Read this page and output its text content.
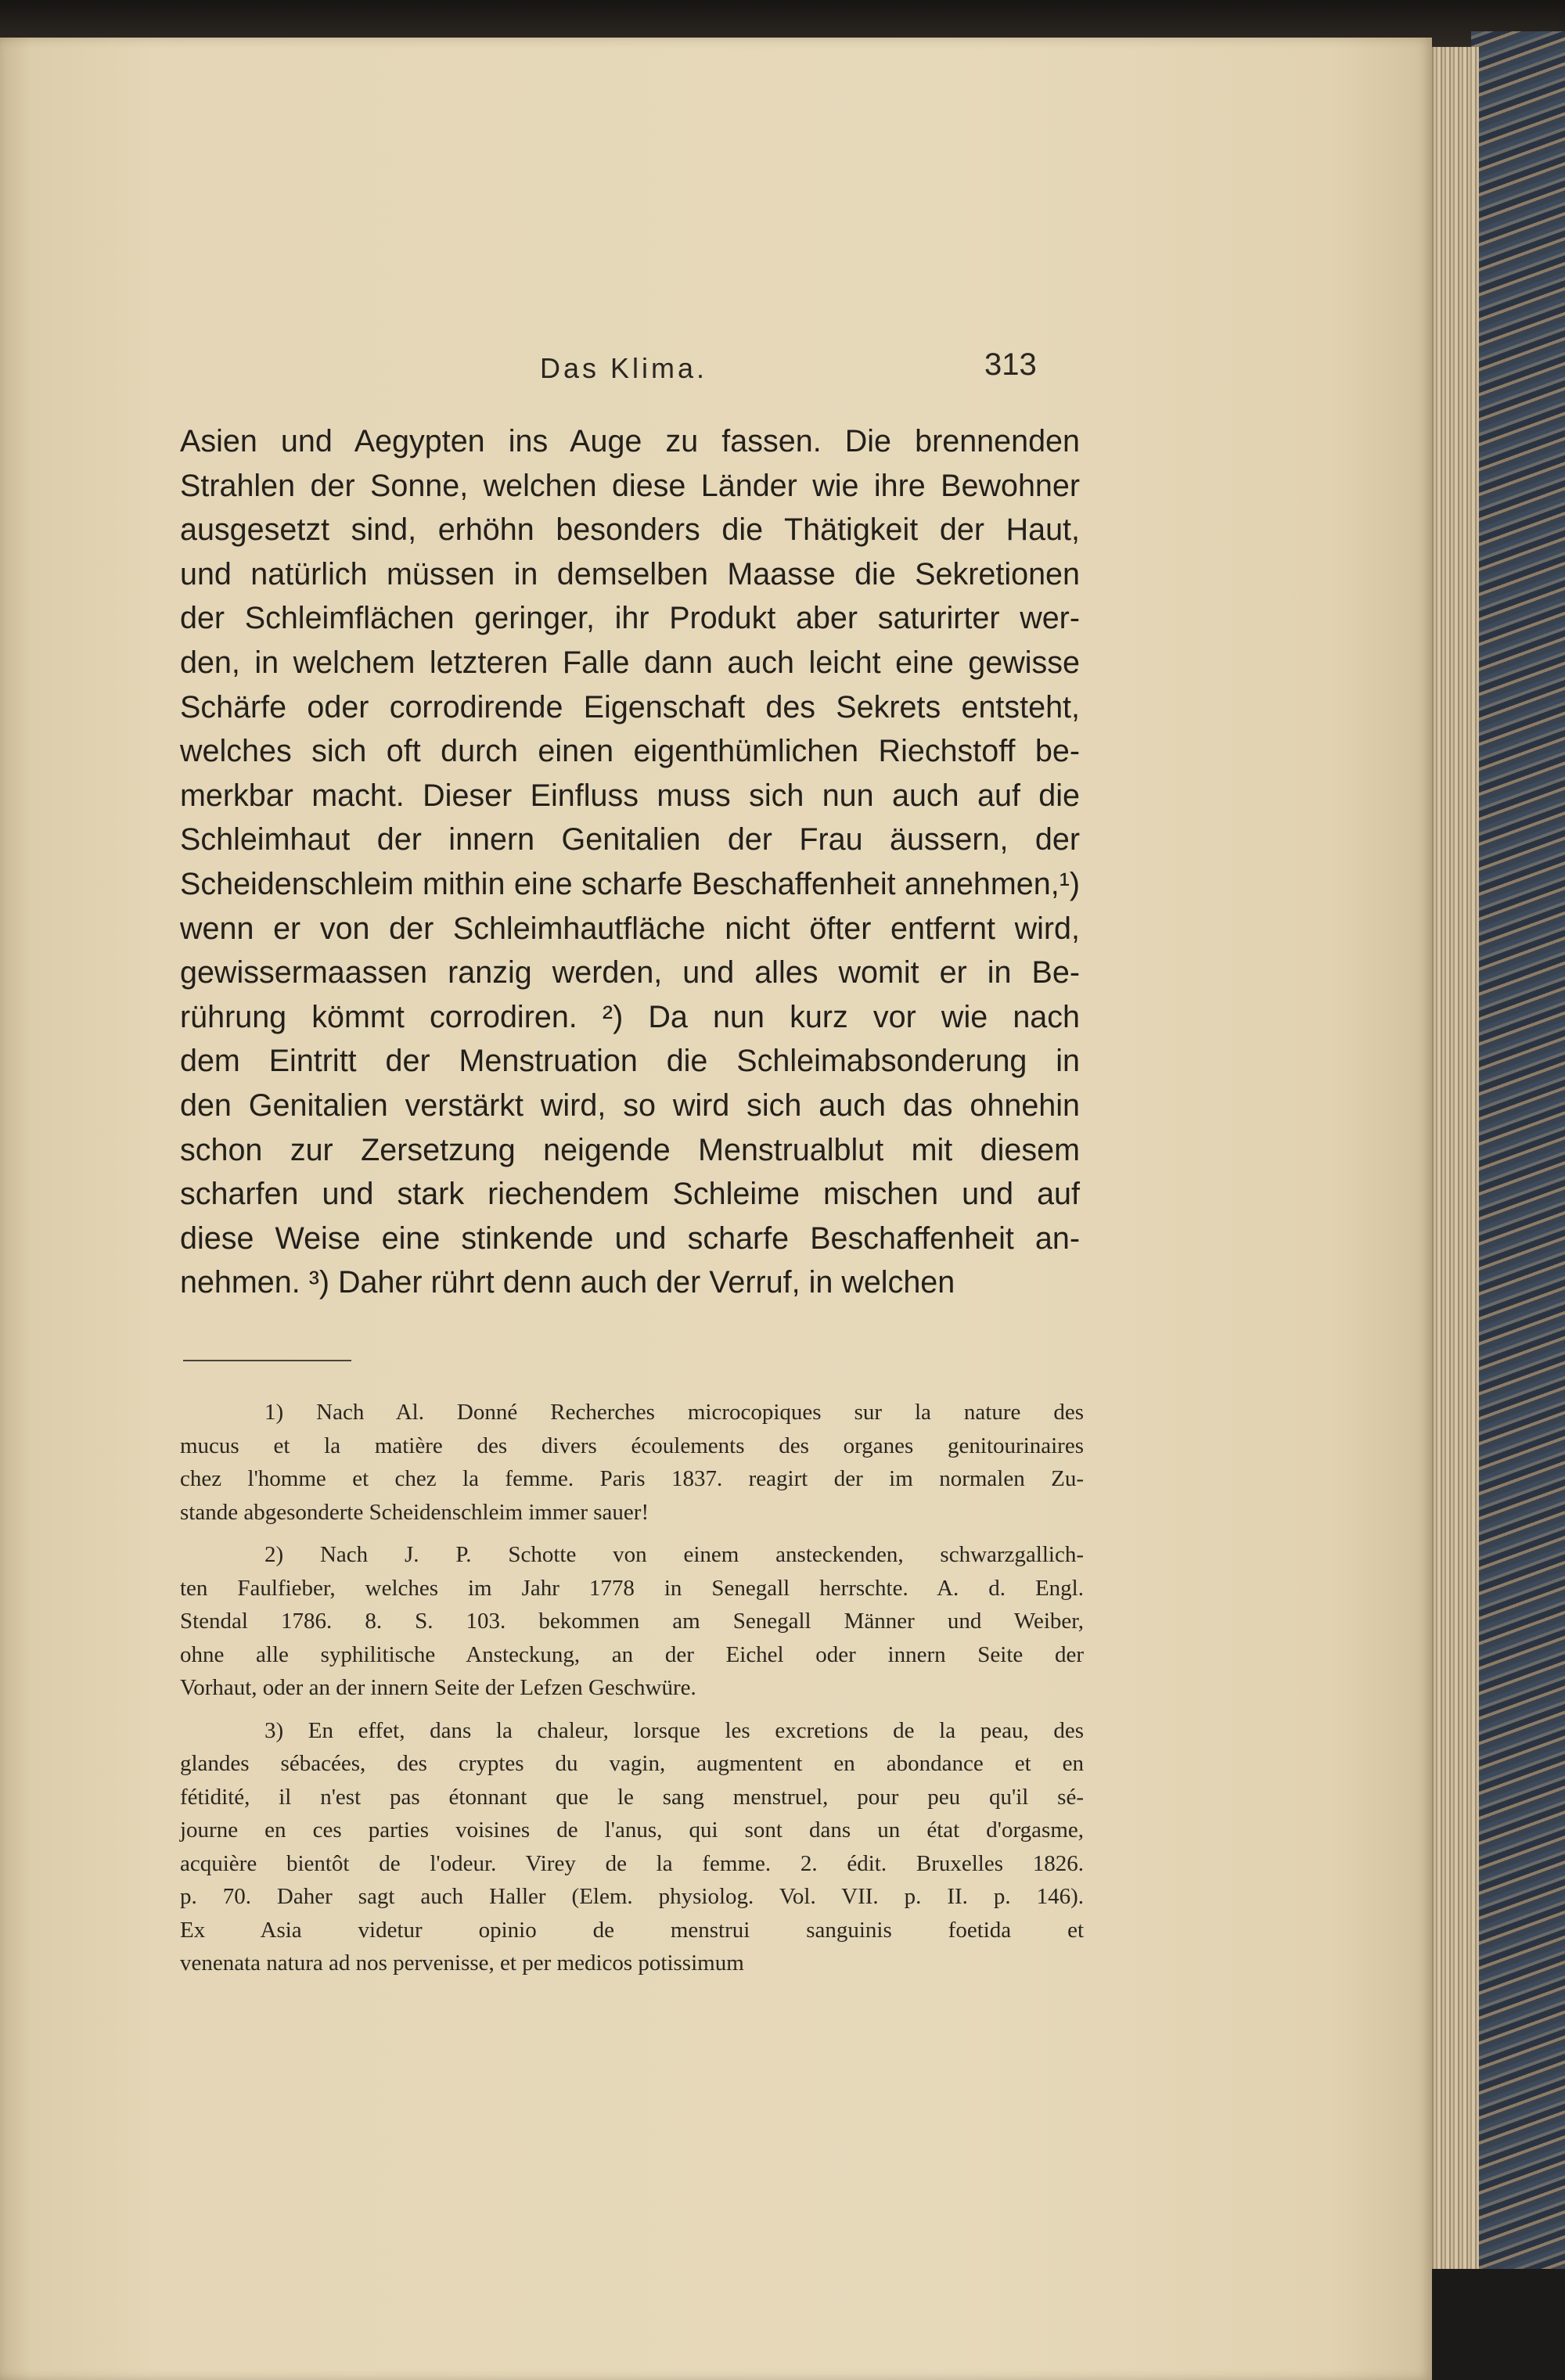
Das Klima.	313
Asien und Aegypten ins Auge zu fassen. Die brennenden
Strahlen der Sonne, welchen diese Länder wie ihre Bewohner
ausgesetzt sind, erhöhn besonders die Thätigkeit der Haut,
und natürlich müssen in demselben Maasse die Sekretionen
der Schleimflächen geringer, ihr Produkt aber saturirter wer-
den, in welchem letzteren Falle dann auch leicht eine gewisse
Schärfe oder corrodirende Eigenschaft des Sekrets entsteht,
welches sich oft durch einen eigenthümlichen Riechstoff be-
merkbar macht. Dieser Einfluss muss sich nun auch auf die
Schleimhaut der innern Genitalien der Frau äussern, der
Scheidenschleim mithin eine scharfe Beschaffenheit annehmen,¹)
wenn er von der Schleimhautfläche nicht öfter entfernt wird,
gewissermaassen ranzig werden, und alles womit er in Be-
rührung kömmt corrodiren. ²) Da nun kurz vor wie nach
dem Eintritt der Menstruation die Schleimabsonderung in
den Genitalien verstärkt wird, so wird sich auch das ohnehin
schon zur Zersetzung neigende Menstrualblut mit diesem
scharfen und stark riechendem Schleime mischen und auf
diese Weise eine stinkende und scharfe Beschaffenheit an-
nehmen. ³) Daher rührt denn auch der Verruf, in welchen
1) Nach Al. Donné Recherches microcopiques sur la nature des
mucus et la matière des divers écoulements des organes genitourinaires
chez l'homme et chez la femme. Paris 1837. reagirt der im normalen Zu-
stande abgesonderte Scheidenschleim immer sauer!
2) Nach J. P. Schotte von einem ansteckenden, schwarzgallich-
ten Faulfieber, welches im Jahr 1778 in Senegall herrschte. A. d. Engl.
Stendal 1786. 8. S. 103. bekommen am Senegall Männer und Weiber,
ohne alle syphilitische Ansteckung, an der Eichel oder innern Seite der
Vorhaut, oder an der innern Seite der Lefzen Geschwüre.
3) En effet, dans la chaleur, lorsque les excretions de la peau, des
glandes sébacées, des cryptes du vagin, augmentent en abondance et en
fétidité, il n'est pas étonnant que le sang menstruel, pour peu qu'il sé-
journe en ces parties voisines de l'anus, qui sont dans un état d'orgasme,
acquière bientôt de l'odeur. Virey de la femme. 2. édit. Bruxelles 1826.
p. 70. Daher sagt auch Haller (Elem. physiolog. Vol. VII. p. II. p. 146).
Ex Asia videtur opinio de menstrui sanguinis foetida et
venenata natura ad nos pervenisse, et per medicos potissimum
